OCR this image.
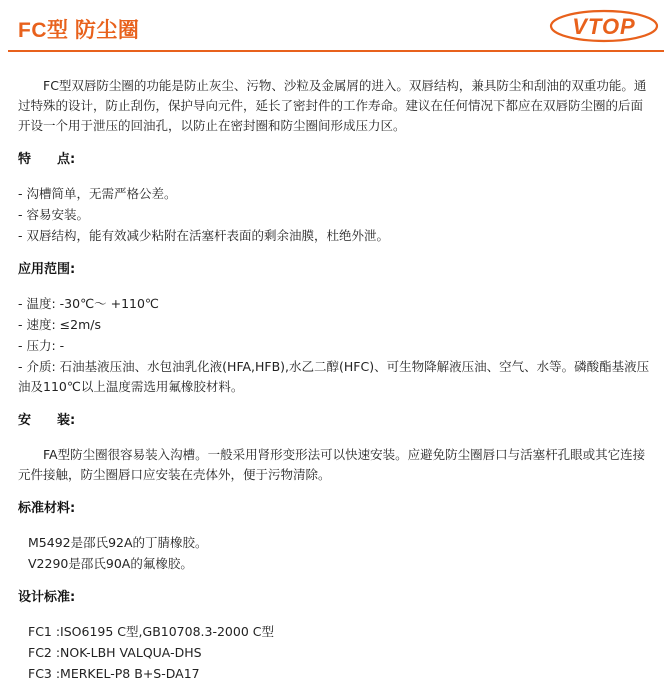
FC型 防尘圈	VTOP

FC型双唇防尘圈的功能是防止灰尘、污物、沙粒及金属屑的进入。双唇结构，兼具防尘和刮油的双重功能。通过特殊的设计，防止刮伤，保护导向元件，延长了密封件的工作寿命。建议在任何情况下都应在双唇防尘圈的后面开设一个用于泄压的回油孔，以防止在密封圈和防尘圈间形成压力区。

特　　点:
- 沟槽简单，无需严格公差。
- 容易安装。
- 双唇结构，能有效减少粘附在活塞杆表面的剩余油膜，杜绝外泄。
应用范围:
- 温度: -30℃～ +110℃
- 速度: ≤2m/s
- 压力: -
- 介质: 石油基液压油、水包油乳化液(HFA,HFB),水乙二醇(HFC)、可生物降解液压油、空气、水等。磷酸酯基液压油及110℃以上温度需选用氟橡胶材料。
安　　装:

FA型防尘圈很容易装入沟槽。一般采用肾形变形法可以快速安装。应避免防尘圈唇口与活塞杆孔眼或其它连接元件接触，防尘圈唇口应安装在壳体外，便于污物清除。

标准材料:
M5492是邵氏92A的丁腈橡胶。
V2290是邵氏90A的氟橡胶。
设计标准:
FC1 :ISO6195 C型,GB10708.3-2000 C型
FC2 :NOK-LBH VALQUA-DHS
FC3 :MERKEL-P8 B+S-DA17
